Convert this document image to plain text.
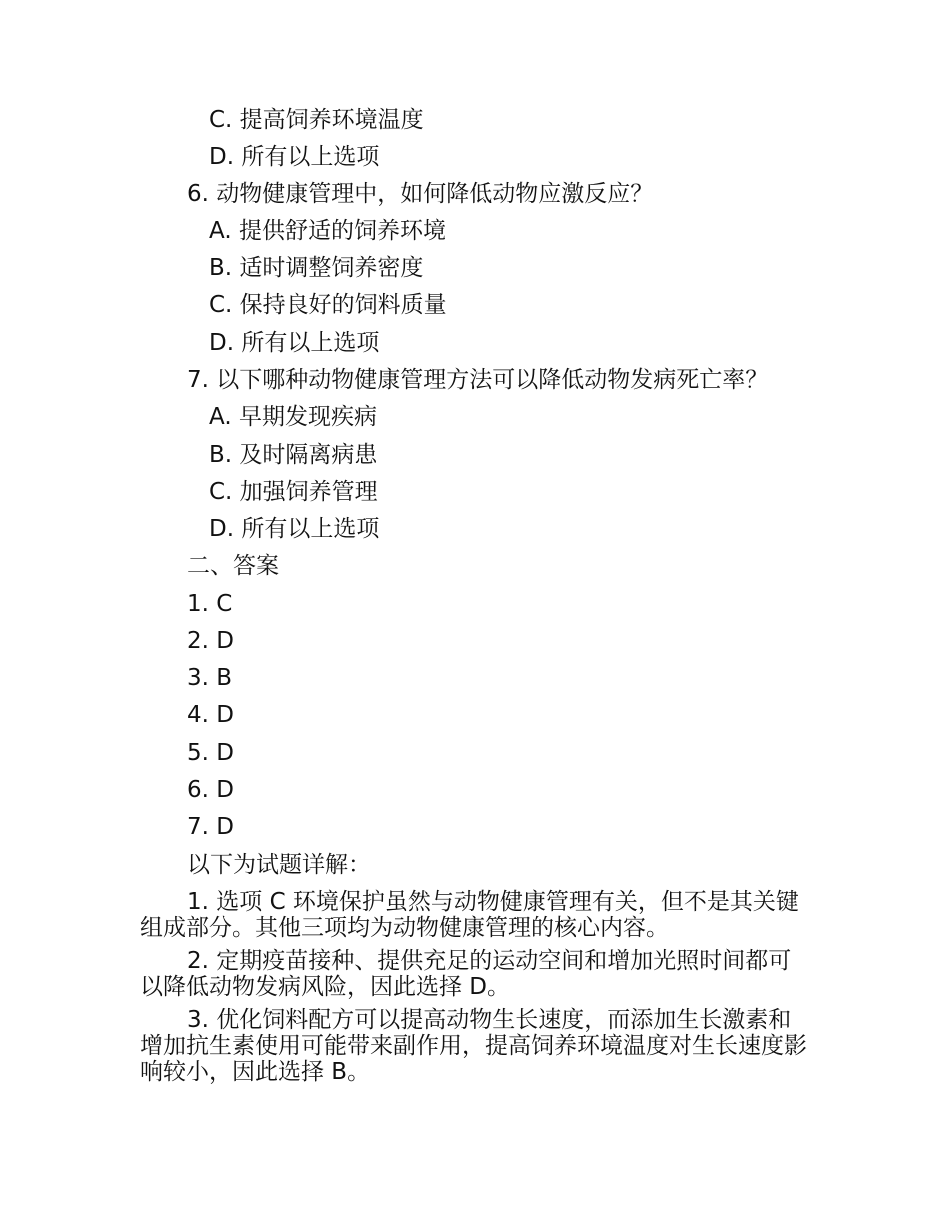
C. 提高饲养环境温度
D. 所有以上选项
6. 动物健康管理中，如何降低动物应激反应？
A. 提供舒适的饲养环境
B. 适时调整饲养密度
C. 保持良好的饲料质量
D. 所有以上选项
7. 以下哪种动物健康管理方法可以降低动物发病死亡率？
A. 早期发现疾病
B. 及时隔离病患
C. 加强饲养管理
D. 所有以上选项
二、答案
1. C
2. D
3. B
4. D
5. D
6. D
7. D
以下为试题详解：
1. 选项 C 环境保护虽然与动物健康管理有关，但不是其关键组成部分。其他三项均为动物健康管理的核心内容。
2. 定期疫苗接种、提供充足的运动空间和增加光照时间都可以降低动物发病风险，因此选择 D。
3. 优化饲料配方可以提高动物生长速度，而添加生长激素和增加抗生素使用可能带来副作用，提高饲养环境温度对生长速度影响较小，因此选择 B。
